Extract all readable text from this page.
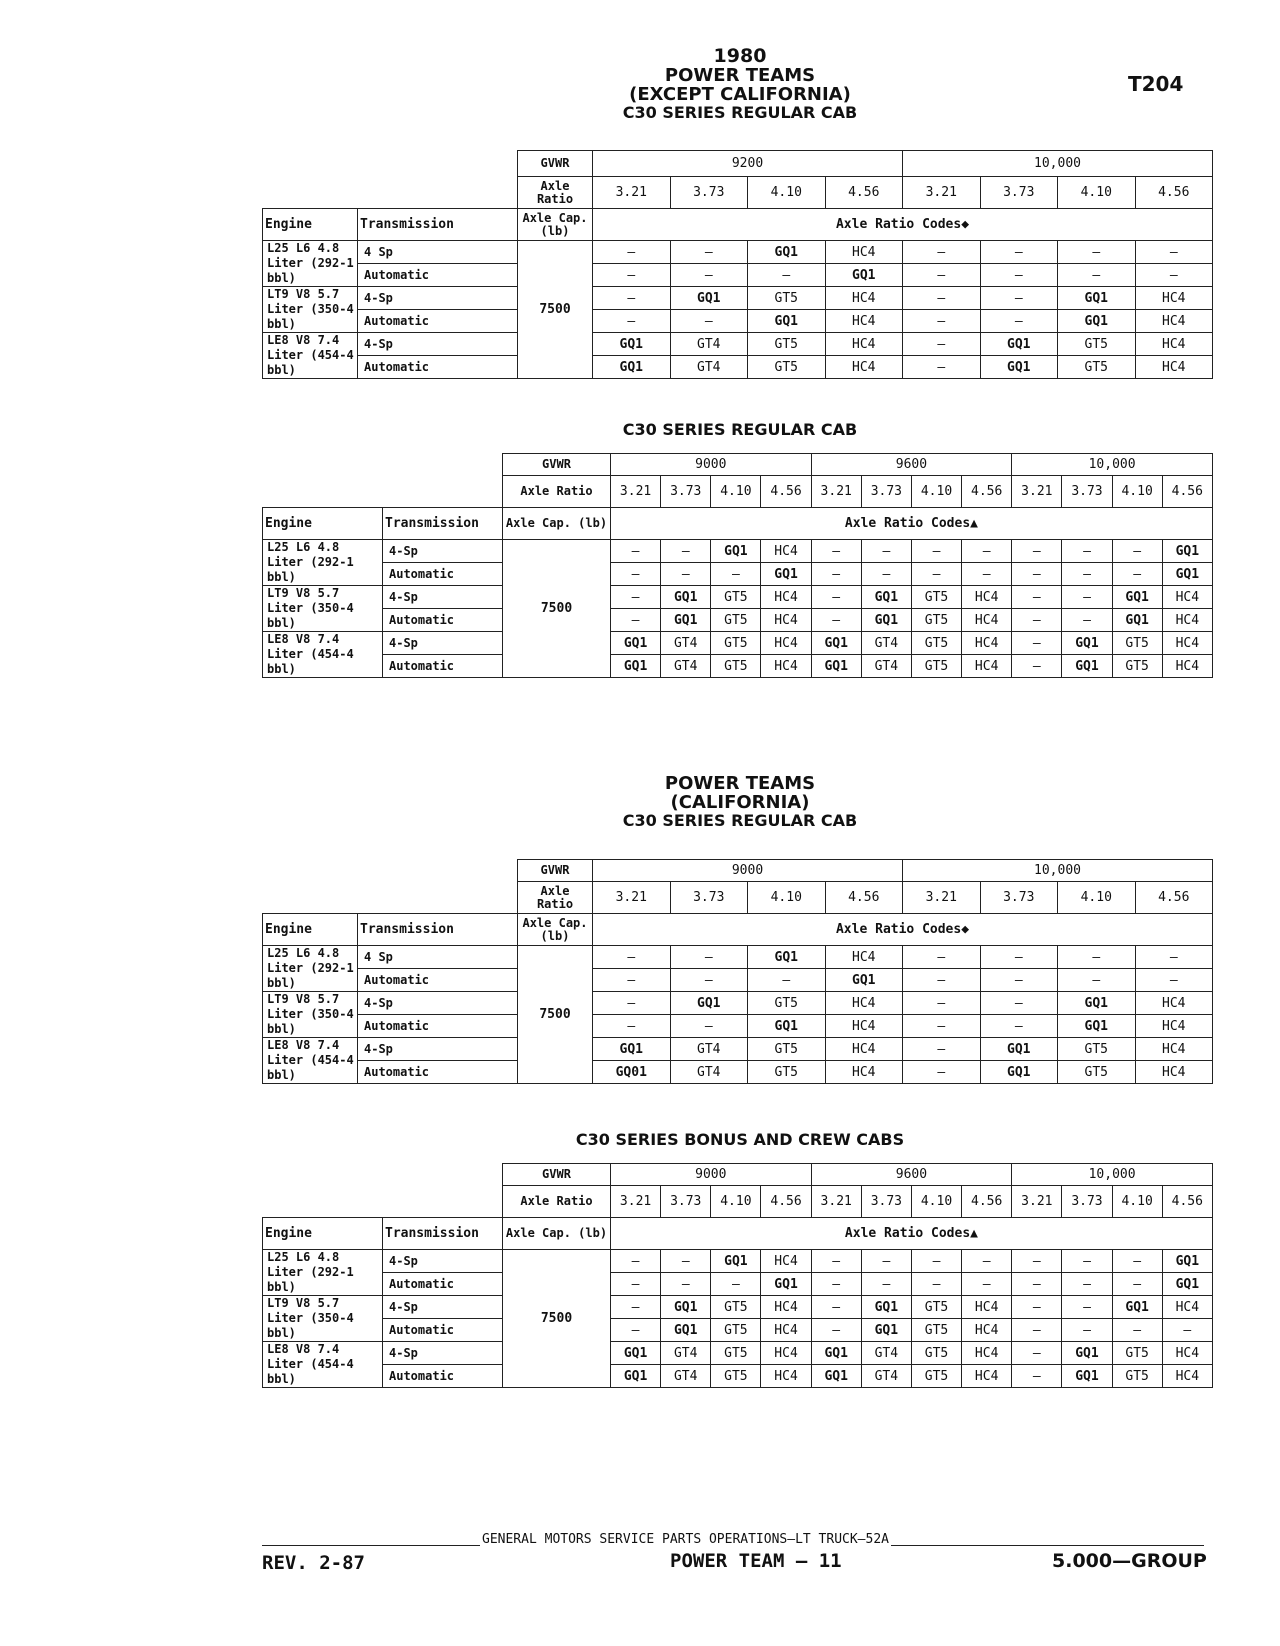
1980
POWER TEAMS
(EXCEPT CALIFORNIA)
C30 SERIES REGULAR CAB
T204
C30 SERIES REGULAR CAB
POWER TEAMS
(CALIFORNIA)
C30 SERIES REGULAR CAB
C30 SERIES BONUS AND CREW CABS
		GVWR	9200				10,000			
		Axle Ratio	3.21	3.73	4.10	4.56	3.21	3.73	4.10	4.56
Engine	Transmission	Axle Cap. (lb)	Axle Ratio Codes◆							
L25 L6 4.8 Liter (292-1 bbl)	4 Sp	7500	—	—	GQ1	HC4	—	—	—	—
	Automatic		—	—	—	GQ1	—	—	—	—
LT9 V8 5.7 Liter (350-4 bbl)	4-Sp		—	GQ1	GT5	HC4	—	—	GQ1	HC4
	Automatic		—	—	GQ1	HC4	—	—	GQ1	HC4
LE8 V8 7.4 Liter (454-4 bbl)	4-Sp		GQ1	GT4	GT5	HC4	—	GQ1	GT5	HC4
	Automatic		GQ1	GT4	GT5	HC4	—	GQ1	GT5	HC4
		GVWR	9000				9600				10,000			
		Axle Ratio	3.21	3.73	4.10	4.56	3.21	3.73	4.10	4.56	3.21	3.73	4.10	4.56
Engine	Transmission	Axle Cap. (lb)	Axle Ratio Codes▲											
L25 L6 4.8 Liter (292-1 bbl)	4-Sp	7500	—	—	GQ1	HC4	—	—	—	—	—	—	—	GQ1
	Automatic		—	—	—	GQ1	—	—	—	—	—	—	—	GQ1
LT9 V8 5.7 Liter (350-4 bbl)	4-Sp		—	GQ1	GT5	HC4	—	GQ1	GT5	HC4	—	—	GQ1	HC4
	Automatic		—	GQ1	GT5	HC4	—	GQ1	GT5	HC4	—	—	GQ1	HC4
LE8 V8 7.4 Liter (454-4 bbl)	4-Sp		GQ1	GT4	GT5	HC4	GQ1	GT4	GT5	HC4	—	GQ1	GT5	HC4
	Automatic		GQ1	GT4	GT5	HC4	GQ1	GT4	GT5	HC4	—	GQ1	GT5	HC4
		GVWR	9000				10,000			
		Axle Ratio	3.21	3.73	4.10	4.56	3.21	3.73	4.10	4.56
Engine	Transmission	Axle Cap. (lb)	Axle Ratio Codes◆							
L25 L6 4.8 Liter (292-1 bbl)	4 Sp	7500	—	—	GQ1	HC4	—	—	—	—
	Automatic		—	—	—	GQ1	—	—	—	—
LT9 V8 5.7 Liter (350-4 bbl)	4-Sp		—	GQ1	GT5	HC4	—	—	GQ1	HC4
	Automatic		—	—	GQ1	HC4	—	—	GQ1	HC4
LE8 V8 7.4 Liter (454-4 bbl)	4-Sp		GQ1	GT4	GT5	HC4	—	GQ1	GT5	HC4
	Automatic		GQ01	GT4	GT5	HC4	—	GQ1	GT5	HC4
		GVWR	9000				9600				10,000			
		Axle Ratio	3.21	3.73	4.10	4.56	3.21	3.73	4.10	4.56	3.21	3.73	4.10	4.56
Engine	Transmission	Axle Cap. (lb)	Axle Ratio Codes▲											
L25 L6 4.8 Liter (292-1 bbl)	4-Sp	7500	—	—	GQ1	HC4	—	—	—	—	—	—	—	GQ1
	Automatic		—	—	—	GQ1	—	—	—	—	—	—	—	GQ1
LT9 V8 5.7 Liter (350-4 bbl)	4-Sp		—	GQ1	GT5	HC4	—	GQ1	GT5	HC4	—	—	GQ1	HC4
	Automatic		—	GQ1	GT5	HC4	—	GQ1	GT5	HC4	—	—	—	—
LE8 V8 7.4 Liter (454-4 bbl)	4-Sp		GQ1	GT4	GT5	HC4	GQ1	GT4	GT5	HC4	—	GQ1	GT5	HC4
	Automatic		GQ1	GT4	GT5	HC4	GQ1	GT4	GT5	HC4	—	GQ1	GT5	HC4
GENERAL MOTORS SERVICE PARTS OPERATIONS—LT TRUCK—52A
REV. 2-87	POWER TEAM — 11	5.000—GROUP
